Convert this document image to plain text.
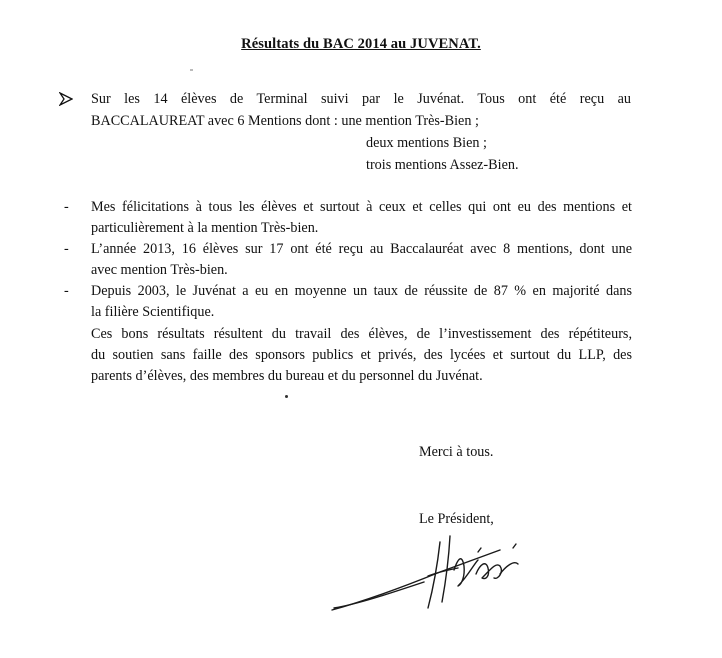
Résultats du BAC 2014 au JUVENAT.
Sur les 14 élèves de Terminal suivi par le Juvénat. Tous ont été reçu au
BACCALAUREAT avec 6 Mentions dont : une mention Très-Bien ;
deux mentions Bien ;
trois mentions Assez-Bien.
- Mes félicitations à tous les élèves et surtout à ceux et celles qui ont eu des mentions et
particulièrement à la mention Très-bien.
- L’année 2013, 16 élèves sur 17 ont été reçu au Baccalauréat avec 8 mentions, dont une
avec mention Très-bien.
- Depuis 2003, le Juvénat a eu en moyenne un taux de réussite de 87 % en majorité dans
la filière Scientifique.
Ces bons résultats résultent du travail des élèves, de l’investissement des répétiteurs,
du soutien sans faille des sponsors publics et privés, des lycées et surtout du LLP, des
parents d’élèves, des membres du bureau et du personnel du Juvénat.
Merci à tous.
Le Président,
